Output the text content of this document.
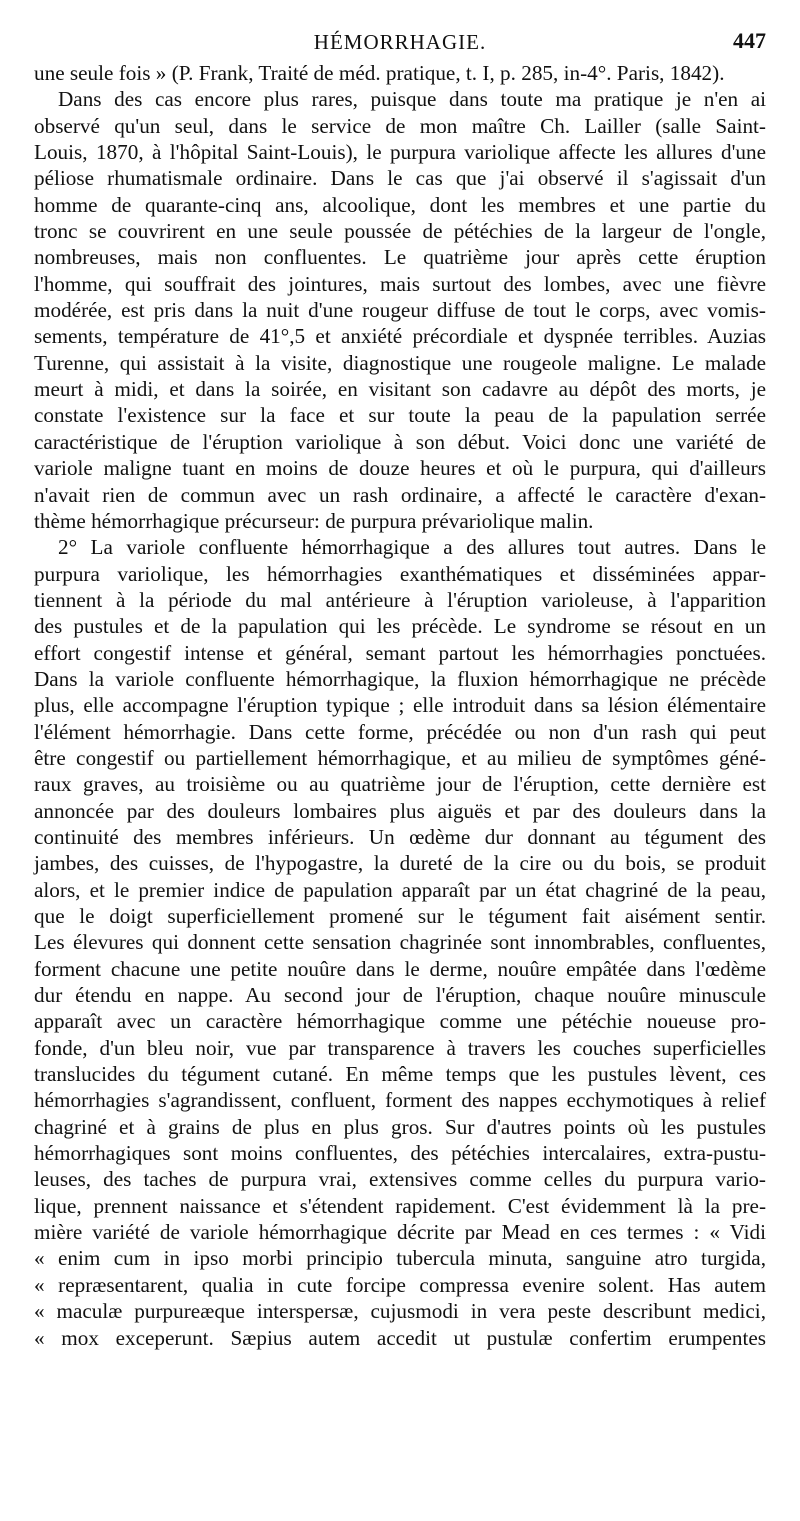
HÉMORRHAGIE.	447
une seule fois » (P. Frank, Traité de méd. pratique, t. I, p. 285, in-4°. Paris, 1842).
Dans des cas encore plus rares, puisque dans toute ma pratique je n'en ai
observé qu'un seul, dans le service de mon maître Ch. Lailler (salle Saint-
Louis, 1870, à l'hôpital Saint-Louis), le purpura variolique affecte les allures d'une
péliose rhumatismale ordinaire. Dans le cas que j'ai observé il s'agissait d'un
homme de quarante-cinq ans, alcoolique, dont les membres et une partie du
tronc se couvrirent en une seule poussée de pétéchies de la largeur de l'ongle,
nombreuses, mais non confluentes. Le quatrième jour après cette éruption
l'homme, qui souffrait des jointures, mais surtout des lombes, avec une fièvre
modérée, est pris dans la nuit d'une rougeur diffuse de tout le corps, avec vomis-
sements, température de 41°,5 et anxiété précordiale et dyspnée terribles. Auzias
Turenne, qui assistait à la visite, diagnostique une rougeole maligne. Le malade
meurt à midi, et dans la soirée, en visitant son cadavre au dépôt des morts, je
constate l'existence sur la face et sur toute la peau de la papulation serrée
caractéristique de l'éruption variolique à son début. Voici donc une variété de
variole maligne tuant en moins de douze heures et où le purpura, qui d'ailleurs
n'avait rien de commun avec un rash ordinaire, a affecté le caractère d'exan-
thème hémorrhagique précurseur: de purpura prévariolique malin.
2° La variole confluente hémorrhagique a des allures tout autres. Dans le
purpura variolique, les hémorrhagies exanthématiques et disséminées appar-
tiennent à la période du mal antérieure à l'éruption varioleuse, à l'apparition
des pustules et de la papulation qui les précède. Le syndrome se résout en un
effort congestif intense et général, semant partout les hémorrhagies ponctuées.
Dans la variole confluente hémorrhagique, la fluxion hémorrhagique ne précède
plus, elle accompagne l'éruption typique ; elle introduit dans sa lésion élémentaire
l'élément hémorrhagie. Dans cette forme, précédée ou non d'un rash qui peut
être congestif ou partiellement hémorrhagique, et au milieu de symptômes géné-
raux graves, au troisième ou au quatrième jour de l'éruption, cette dernière est
annoncée par des douleurs lombaires plus aiguës et par des douleurs dans la
continuité des membres inférieurs. Un œdème dur donnant au tégument des
jambes, des cuisses, de l'hypogastre, la dureté de la cire ou du bois, se produit
alors, et le premier indice de papulation apparaît par un état chagriné de la peau,
que le doigt superficiellement promené sur le tégument fait aisément sentir.
Les élevures qui donnent cette sensation chagrinée sont innombrables, confluentes,
forment chacune une petite nouûre dans le derme, nouûre empâtée dans l'œdème
dur étendu en nappe. Au second jour de l'éruption, chaque nouûre minuscule
apparaît avec un caractère hémorrhagique comme une pétéchie noueuse pro-
fonde, d'un bleu noir, vue par transparence à travers les couches superficielles
translucides du tégument cutané. En même temps que les pustules lèvent, ces
hémorrhagies s'agrandissent, confluent, forment des nappes ecchymotiques à relief
chagriné et à grains de plus en plus gros. Sur d'autres points où les pustules
hémorrhagiques sont moins confluentes, des pétéchies intercalaires, extra-pustu-
leuses, des taches de purpura vrai, extensives comme celles du purpura vario-
lique, prennent naissance et s'étendent rapidement. C'est évidemment là la pre-
mière variété de variole hémorrhagique décrite par Mead en ces termes : « Vidi
« enim cum in ipso morbi principio tubercula minuta, sanguine atro turgida,
« repræsentarent, qualia in cute forcipe compressa evenire solent. Has autem
« maculæ purpureæque interspersæ, cujusmodi in vera peste describunt medici,
« mox exceperunt. Sæpius autem accedit ut pustulæ confertim erumpentes
